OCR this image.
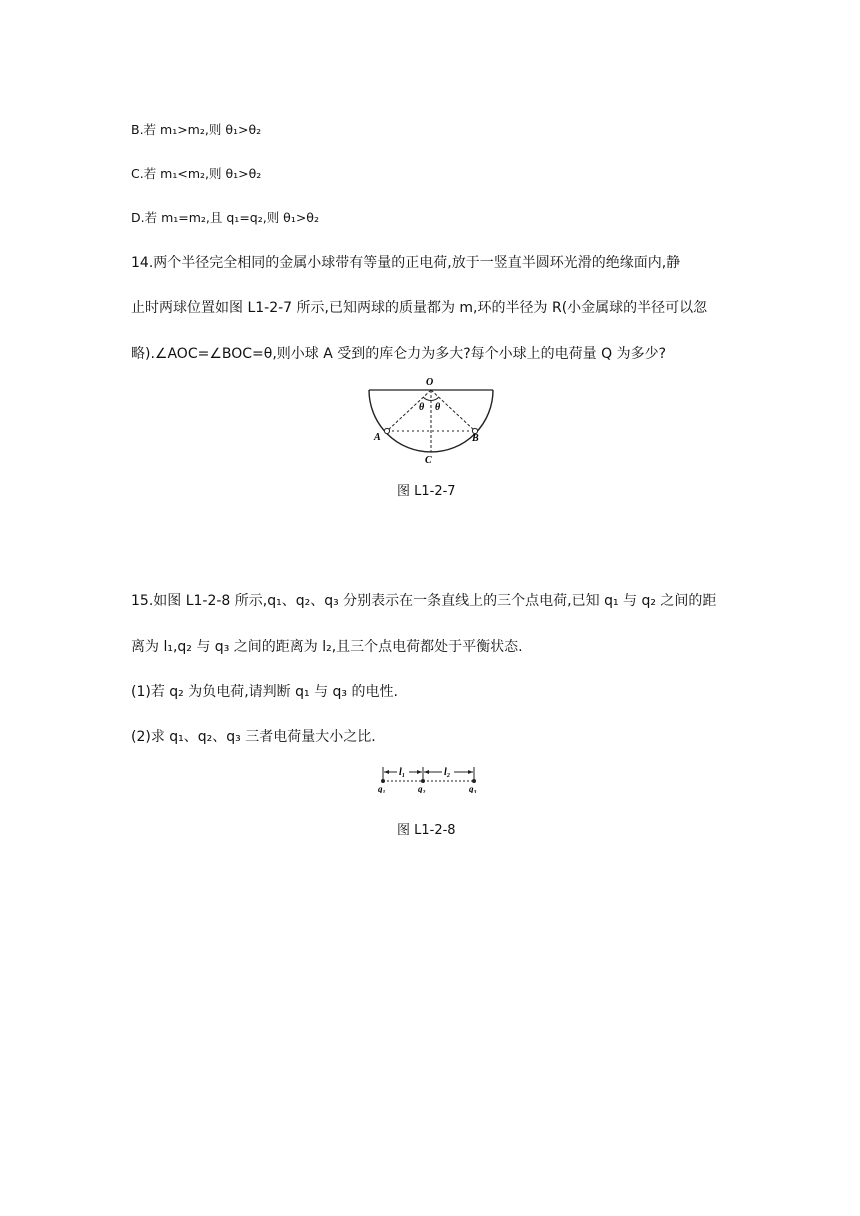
B.若 m₁>m₂,则 θ₁>θ₂
C.若 m₁<m₂,则 θ₁>θ₂
D.若 m₁=m₂,且 q₁=q₂,则 θ₁>θ₂
14.两个半径完全相同的金属小球带有等量的正电荷,放于一竖直半圆环光滑的绝缘面内,静
止时两球位置如图 L1-2-7 所示,已知两球的质量都为 m,环的半径为 R(小金属球的半径可以忽
略).∠AOC=∠BOC=θ,则小球 A 受到的库仑力为多大?每个小球上的电荷量 Q 为多少?
O
θ θ
A	B
C
图 L1-2-7
15.如图 L1-2-8 所示,q₁、q₂、q₃ 分别表示在一条直线上的三个点电荷,已知 q₁ 与 q₂ 之间的距
离为 l₁,q₂ 与 q₃ 之间的距离为 l₂,且三个点电荷都处于平衡状态.
(1)若 q₂ 为负电荷,请判断 q₁ 与 q₃ 的电性.
(2)求 q₁、q₂、q₃ 三者电荷量大小之比.
l₁	l₂
q₁	q₂	q₃
图 L1-2-8
